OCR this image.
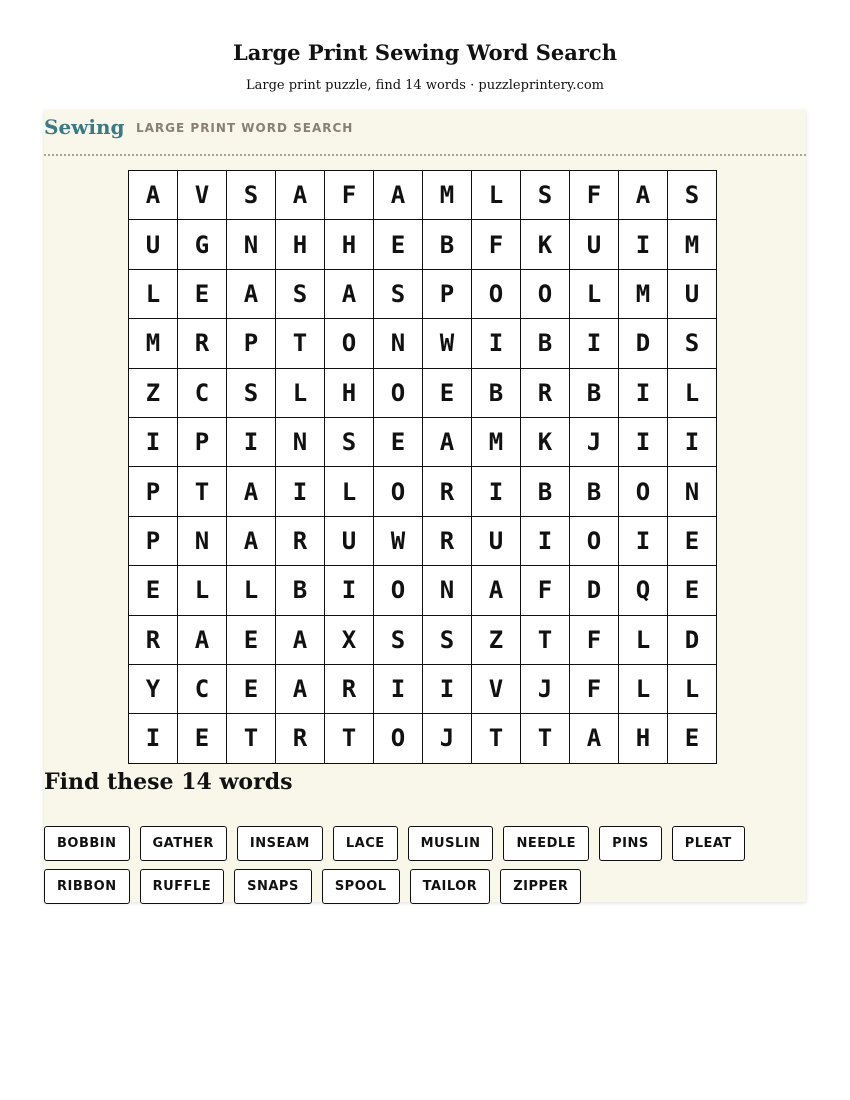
Large Print Sewing Word Search
Large print puzzle, find 14 words · puzzleprintery.com
Sewing LARGE PRINT WORD SEARCH
A	V	S	A	F	A	M	L	S	F	A	S
U	G	N	H	H	E	B	F	K	U	I	M
L	E	A	S	A	S	P	O	O	L	M	U
M	R	P	T	O	N	W	I	B	I	D	S
Z	C	S	L	H	O	E	B	R	B	I	L
I	P	I	N	S	E	A	M	K	J	I	I
P	T	A	I	L	O	R	I	B	B	O	N
P	N	A	R	U	W	R	U	I	O	I	E
E	L	L	B	I	O	N	A	F	D	Q	E
R	A	E	A	X	S	S	Z	T	F	L	D
Y	C	E	A	R	I	I	V	J	F	L	L
I	E	T	R	T	O	J	T	T	A	H	E
Find these 14 words
BOBBIN	GATHER	INSEAM	LACE	MUSLIN	NEEDLE	PINS	PLEAT
RIBBON	RUFFLE	SNAPS	SPOOL	TAILOR	ZIPPER
